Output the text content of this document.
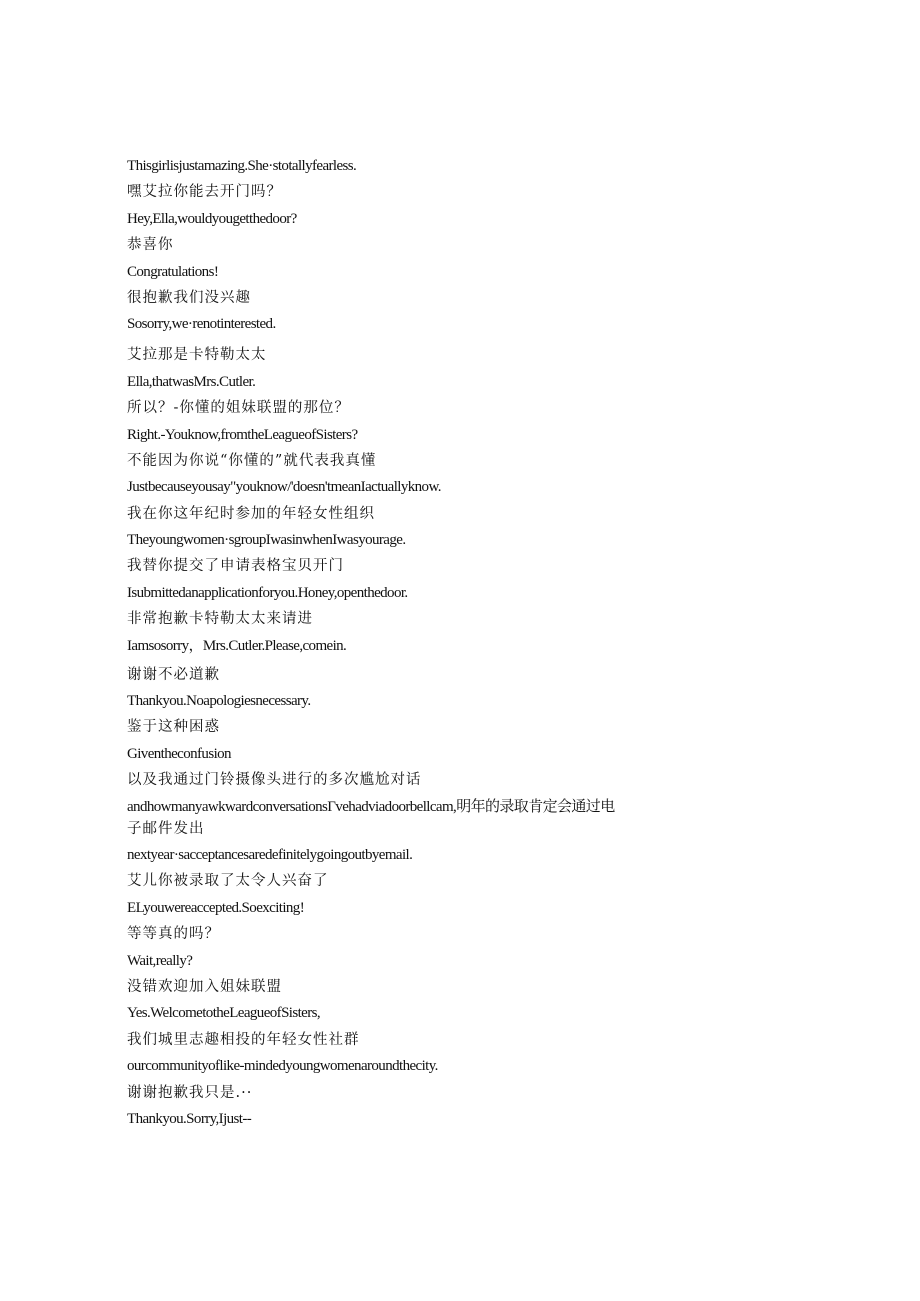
Thisgirlisjustamazing.She·stotallyfearless.
嘿艾拉你能去开门吗？
Hey,Ella,wouldyougetthedoor?
恭喜你
Congratulations!
很抱歉我们没兴趣
Sosorry,we·renotinterested.
艾拉那是卡特勒太太
Ella,thatwasMrs.Cutler.
所以？-你懂的姐妹联盟的那位？
Right.-Youknow,fromtheLeagueofSisters?
不能因为你说“你懂的”就代表我真懂
Justbecauseyousay"youknow/'doesn'tmeanIactuallyknow.
我在你这年纪时参加的年轻女性组织
Theyoungwomen·sgroupIwasinwhenIwasyourage.
我替你提交了申请表格宝贝开门
Isubmittedanapplicationforyou.Honey,openthedoor.
非常抱歉卡特勒太太来请进
Iamsosorry，Mrs.Cutler.Please,comein.
谢谢不必道歉
Thankyou.Noapologiesnecessary.
鉴于这种困惑
Giventheconfusion
以及我通过门铃摄像头进行的多次尴尬对话
andhowmanyawkwardconversationsΓvehadviadoorbellcam,明年的录取肯定会通过电
子邮件发出
nextyear·sacceptancesaredefinitelygoingoutbyemail.
艾儿你被录取了太令人兴奋了
ELyouwereaccepted.Soexciting!
等等真的吗？
Wait,really?
没错欢迎加入姐妹联盟
Yes.WelcometotheLeagueofSisters,
我们城里志趣相投的年轻女性社群
ourcommunityoflike-mindedyoungwomenaroundthecity.
谢谢抱歉我只是.··
Thankyou.Sorry,Ijust--
